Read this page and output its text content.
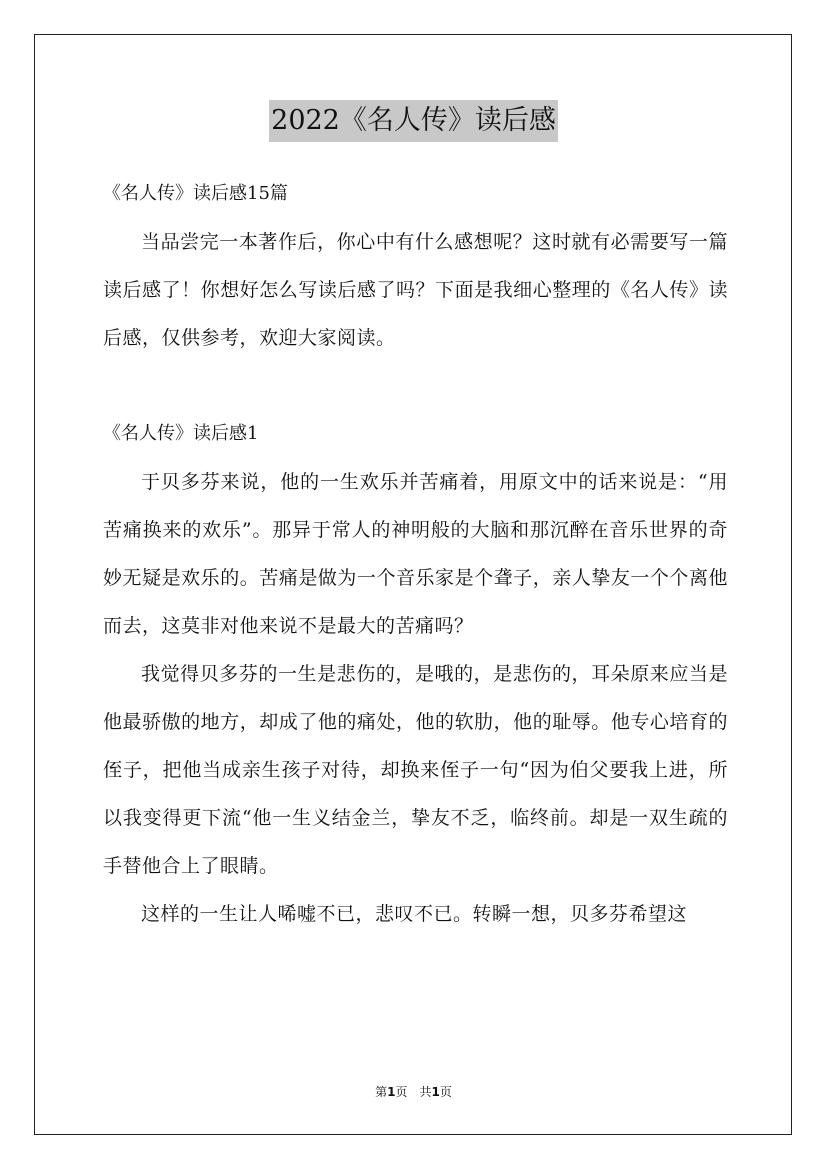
2022《名人传》读后感

《名人传》读后感15篇

当品尝完一本著作后，你心中有什么感想呢？这时就有必需要写一篇读后感了！你想好怎么写读后感了吗？下面是我细心整理的《名人传》读后感，仅供参考，欢迎大家阅读。

《名人传》读后感1

于贝多芬来说，他的一生欢乐并苦痛着，用原文中的话来说是：“用苦痛换来的欢乐”。那异于常人的神明般的大脑和那沉醉在音乐世界的奇妙无疑是欢乐的。苦痛是做为一个音乐家是个聋子，亲人挚友一个个离他而去，这莫非对他来说不是最大的苦痛吗？

我觉得贝多芬的一生是悲伤的，是哦的，是悲伤的，耳朵原来应当是他最骄傲的地方，却成了他的痛处，他的软肋，他的耻辱。他专心培育的侄子，把他当成亲生孩子对待，却换来侄子一句“因为伯父要我上进，所以我变得更下流“他一生义结金兰，挚友不乏，临终前。却是一双生疏的手替他合上了眼睛。

这样的一生让人唏嘘不已，悲叹不已。转瞬一想，贝多芬希望这

第1页　共1页
